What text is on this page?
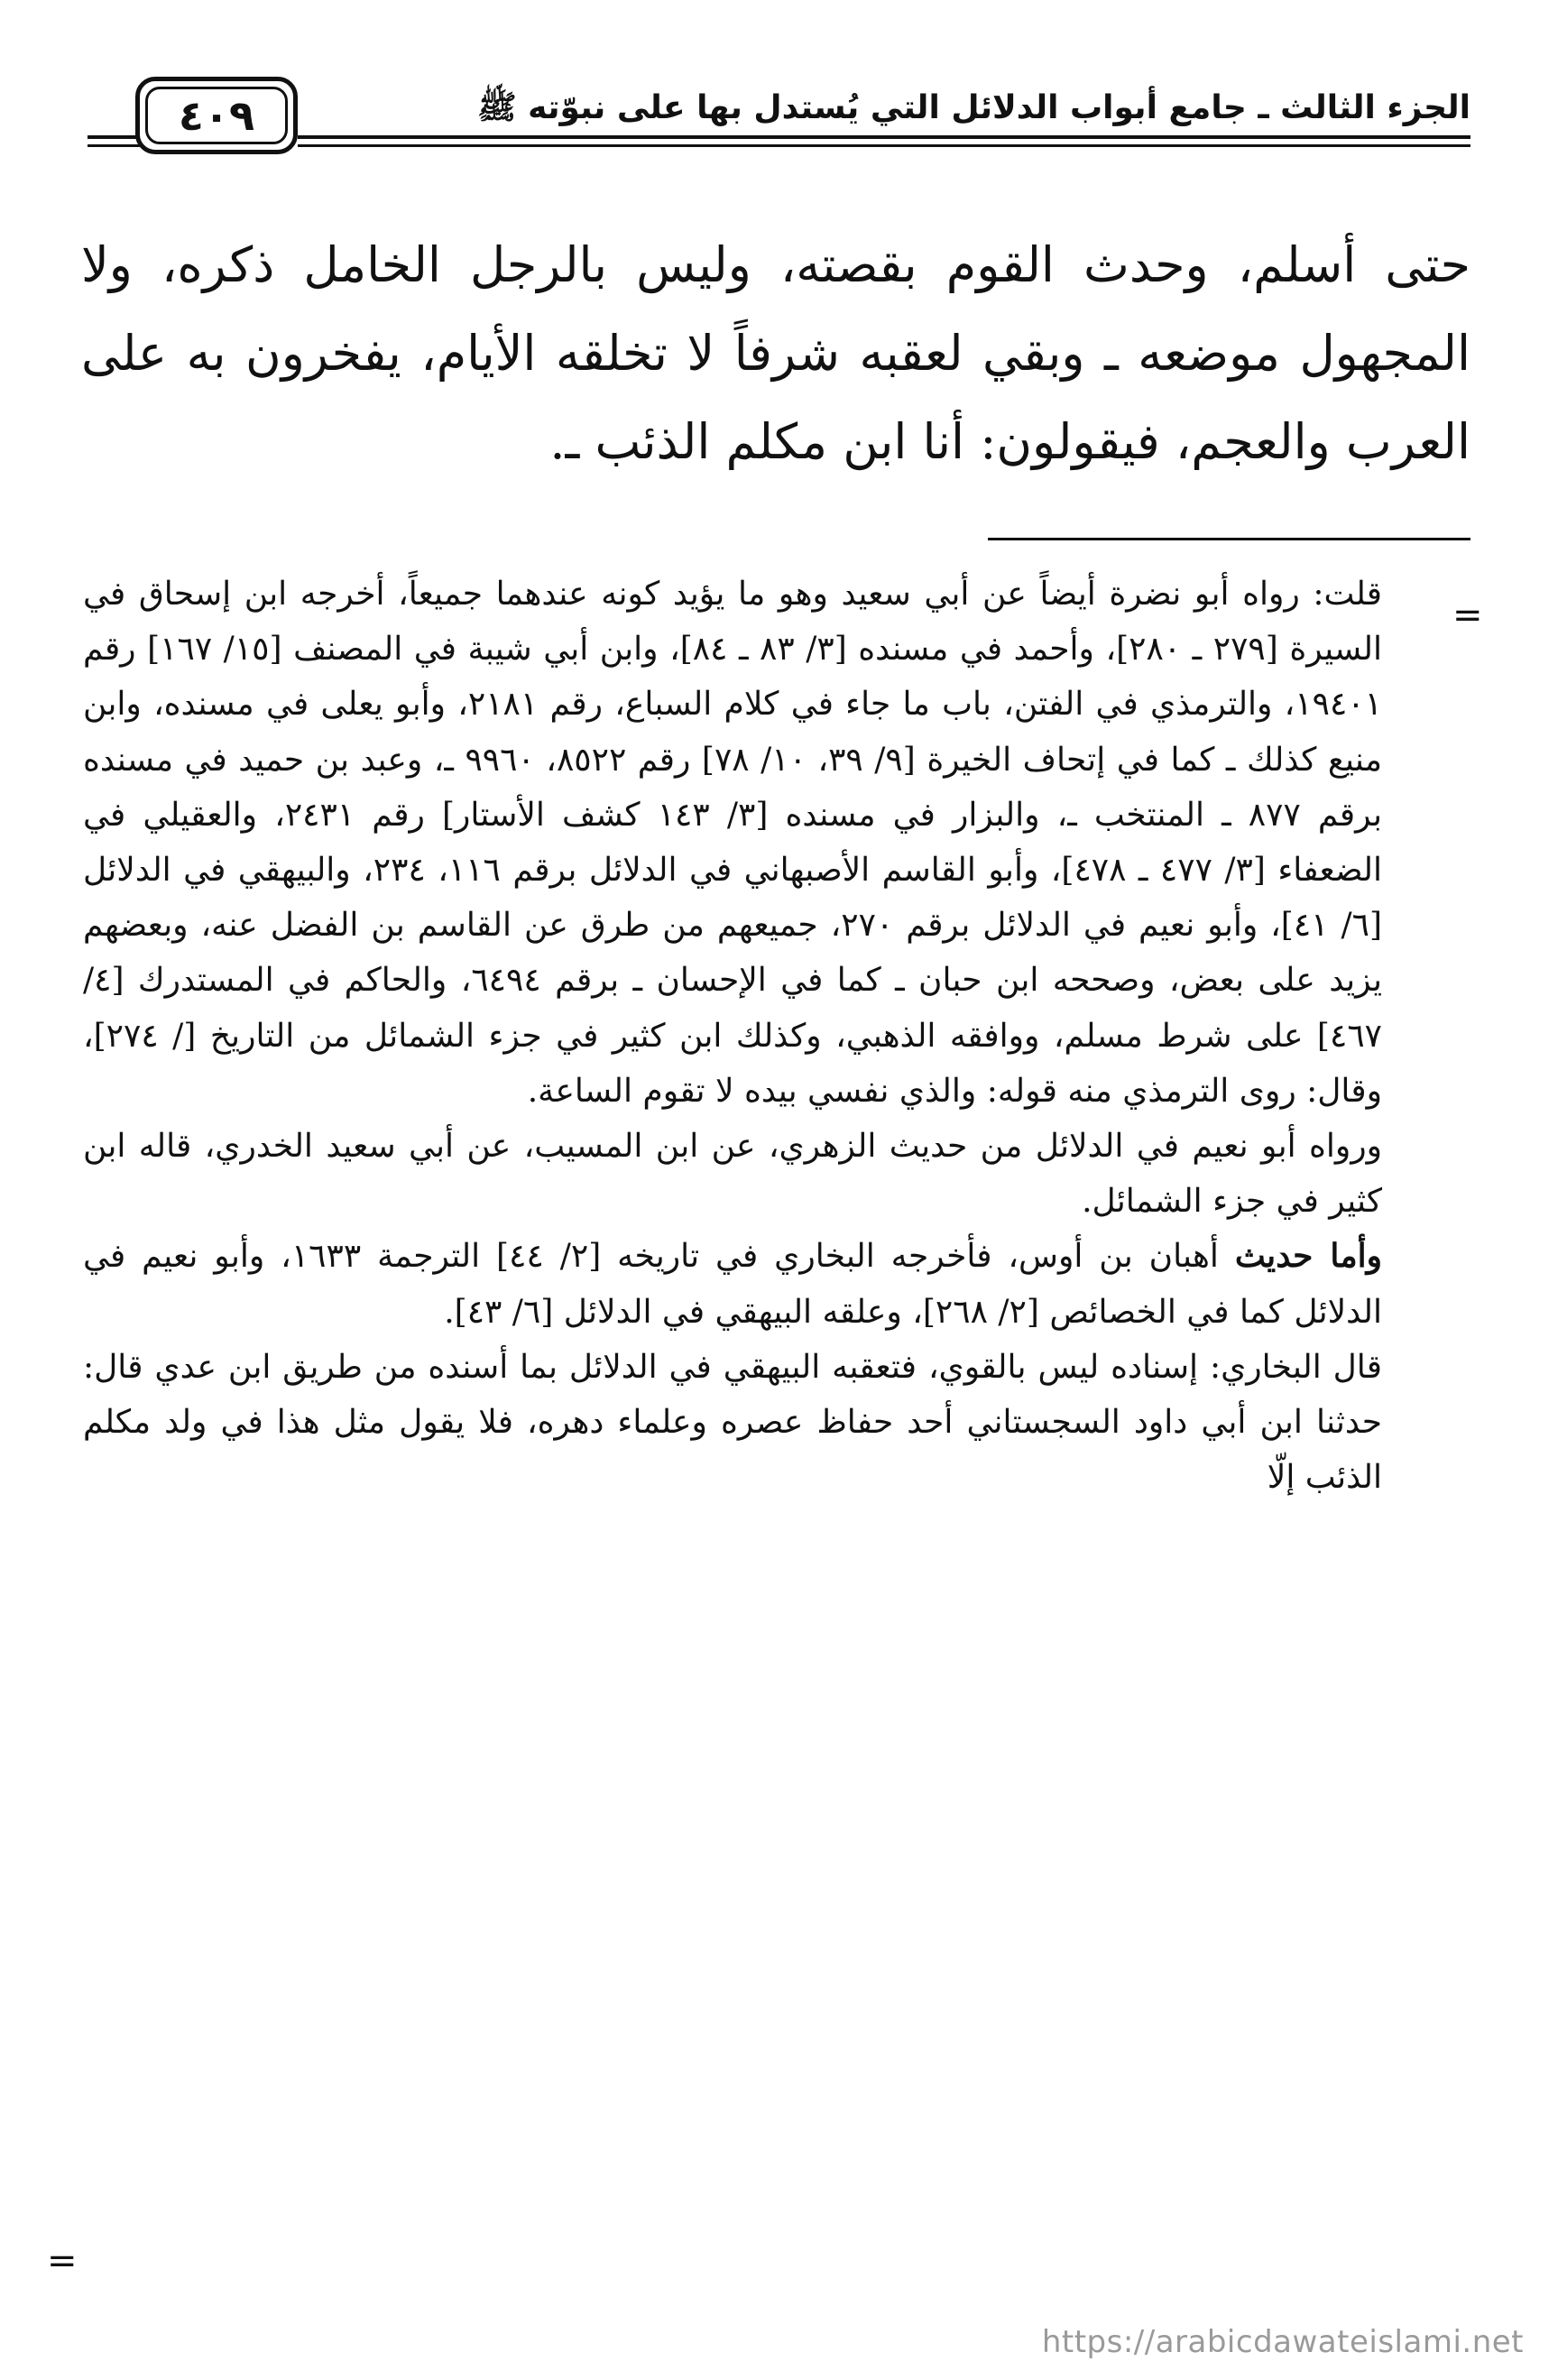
الجزء الثالث ـ جامع أبواب الدلائل التي يُستدل بها على نبوّته ﷺ
٤٠٩

حتى أسلم، وحدث القوم بقصته، وليس بالرجل الخامل ذكره، ولا المجهول موضعه ـ وبقي لعقبه شرفاً لا تخلقه الأيام، يفخرون به على العرب والعجم، فيقولون: أنا ابن مكلم الذئب ـ.

=

قلت: رواه أبو نضرة أيضاً عن أبي سعيد وهو ما يؤيد كونه عندهما جميعاً، أخرجه ابن إسحاق في السيرة [٢٧٩ ـ ٢٨٠]، وأحمد في مسنده [٣/ ٨٣ ـ ٨٤]، وابن أبي شيبة في المصنف [١٥/ ١٦٧] رقم ١٩٤٠١، والترمذي في الفتن، باب ما جاء في كلام السباع، رقم ٢١٨١، وأبو يعلى في مسنده، وابن منيع كذلك ـ كما في إتحاف الخيرة [٩/ ٣٩، ١٠/ ٧٨] رقم ٨٥٢٢، ٩٩٦٠ ـ، وعبد بن حميد في مسنده برقم ٨٧٧ ـ المنتخب ـ، والبزار في مسنده [٣/ ١٤٣ كشف الأستار] رقم ٢٤٣١، والعقيلي في الضعفاء [٣/ ٤٧٧ ـ ٤٧٨]، وأبو القاسم الأصبهاني في الدلائل برقم ١١٦، ٢٣٤، والبيهقي في الدلائل [٦/ ٤١]، وأبو نعيم في الدلائل برقم ٢٧٠، جميعهم من طرق عن القاسم بن الفضل عنه، وبعضهم يزيد على بعض، وصححه ابن حبان ـ كما في الإحسان ـ برقم ٦٤٩٤، والحاكم في المستدرك [٤/ ٤٦٧] على شرط مسلم، ووافقه الذهبي، وكذلك ابن كثير في جزء الشمائل من التاريخ [/ ٢٧٤]، وقال: روى الترمذي منه قوله: والذي نفسي بيده لا تقوم الساعة.

ورواه أبو نعيم في الدلائل من حديث الزهري، عن ابن المسيب، عن أبي سعيد الخدري، قاله ابن كثير في جزء الشمائل.

وأما حديث أهبان بن أوس، فأخرجه البخاري في تاريخه [٢/ ٤٤] الترجمة ١٦٣٣، وأبو نعيم في الدلائل كما في الخصائص [٢/ ٢٦٨]، وعلقه البيهقي في الدلائل [٦/ ٤٣].

قال البخاري: إسناده ليس بالقوي، فتعقبه البيهقي في الدلائل بما أسنده من طريق ابن عدي قال: حدثنا ابن أبي داود السجستاني أحد حفاظ عصره وعلماء دهره، فلا يقول مثل هذا في ولد مكلم الذئب إلّا

=
https://arabicdawateislami.net
